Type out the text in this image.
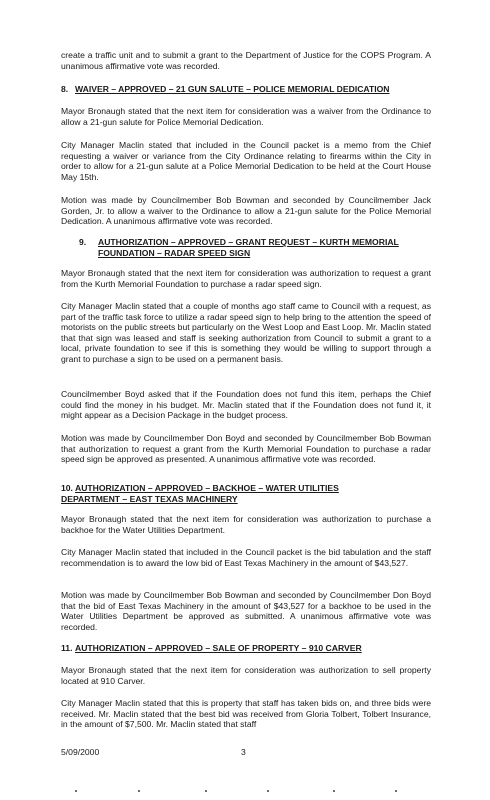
create a traffic unit and to submit a grant to the Department of Justice for the COPS Program. A unanimous affirmative vote was recorded.

8. WAIVER – APPROVED – 21 GUN SALUTE – POLICE MEMORIAL DEDICATION

Mayor Bronaugh stated that the next item for consideration was a waiver from the Ordinance to allow a 21-gun salute for Police Memorial Dedication.

City Manager Maclin stated that included in the Council packet is a memo from the Chief requesting a waiver or variance from the City Ordinance relating to firearms within the City in order to allow for a 21-gun salute at a Police Memorial Dedication to be held at the Court House May 15th.

Motion was made by Councilmember Bob Bowman and seconded by Councilmember Jack Gorden, Jr. to allow a waiver to the Ordinance to allow a 21-gun salute for the Police Memorial Dedication. A unanimous affirmative vote was recorded.

9. AUTHORIZATION – APPROVED – GRANT REQUEST – KURTH MEMORIAL
FOUNDATION – RADAR SPEED SIGN

Mayor Bronaugh stated that the next item for consideration was authorization to request a grant from the Kurth Memorial Foundation to purchase a radar speed sign.

City Manager Maclin stated that a couple of months ago staff came to Council with a request, as part of the traffic task force to utilize a radar speed sign to help bring to the attention the speed of motorists on the public streets but particularly on the West Loop and East Loop. Mr. Maclin stated that that sign was leased and staff is seeking authorization from Council to submit a grant to a local, private foundation to see if this is something they would be willing to support through a grant to purchase a sign to be used on a permanent basis.

Councilmember Boyd asked that if the Foundation does not fund this item, perhaps the Chief could find the money in his budget. Mr. Maclin stated that if the Foundation does not fund it, it might appear as a Decision Package in the budget process.

Motion was made by Councilmember Don Boyd and seconded by Councilmember Bob Bowman that authorization to request a grant from the Kurth Memorial Foundation to purchase a radar speed sign be approved as presented. A unanimous affirmative vote was recorded.

10. AUTHORIZATION – APPROVED – BACKHOE – WATER UTILITIES
DEPARTMENT – EAST TEXAS MACHINERY

Mayor Bronaugh stated that the next item for consideration was authorization to purchase a backhoe for the Water Utilities Department.

City Manager Maclin stated that included in the Council packet is the bid tabulation and the staff recommendation is to award the low bid of East Texas Machinery in the amount of $43,527.

Motion was made by Councilmember Bob Bowman and seconded by Councilmember Don Boyd that the bid of East Texas Machinery in the amount of $43,527 for a backhoe to be used in the Water Utilities Department be approved as submitted. A unanimous affirmative vote was recorded.

11. AUTHORIZATION – APPROVED – SALE OF PROPERTY – 910 CARVER

Mayor Bronaugh stated that the next item for consideration was authorization to sell property located at 910 Carver.

City Manager Maclin stated that this is property that staff has taken bids on, and three bids were received. Mr. Maclin stated that the best bid was received from Gloria Tolbert, Tolbert Insurance, in the amount of $7,500. Mr. Maclin stated that staff

5/09/2000	3
